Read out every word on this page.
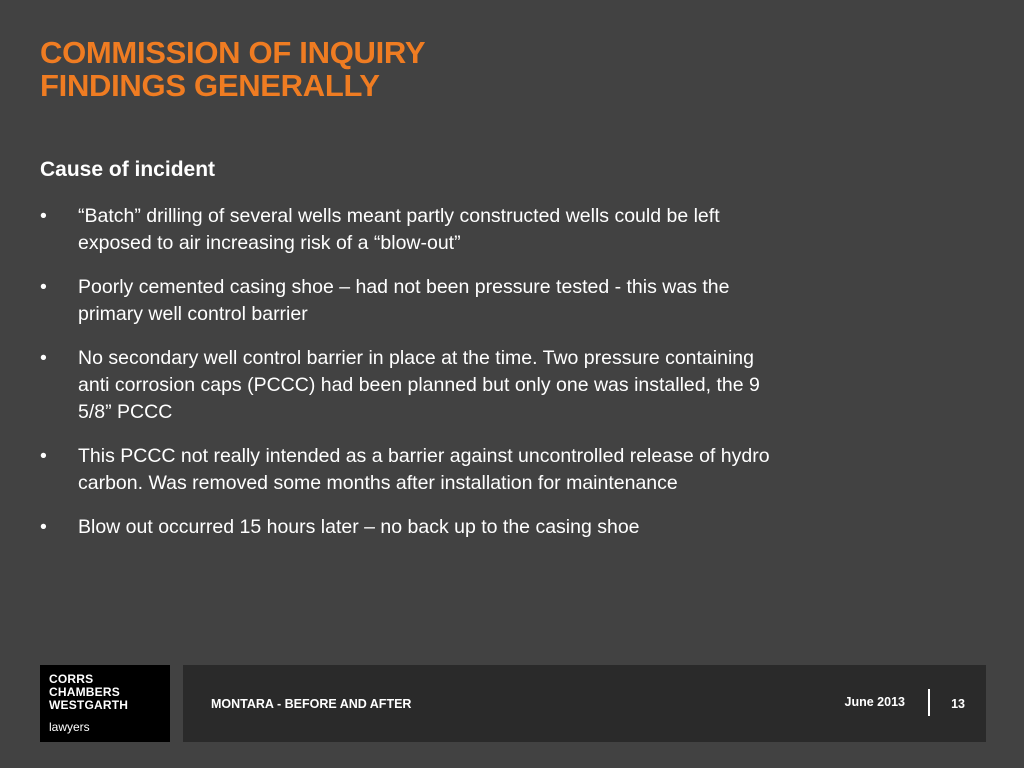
COMMISSION OF INQUIRY
FINDINGS GENERALLY
Cause of incident
• “Batch” drilling of several wells meant partly constructed wells could be left exposed to air increasing risk of a “blow-out”
• Poorly cemented casing shoe – had not been pressure tested - this was the primary well control barrier
• No secondary well control barrier in place at the time. Two pressure containing anti corrosion caps (PCCC) had been planned but only one was installed, the 9 5/8” PCCC
• This PCCC not really intended as a barrier against uncontrolled release of hydro carbon. Was removed some months after installation for maintenance
• Blow out occurred 15 hours later – no back up to the casing shoe
CORRS
CHAMBERS
WESTGARTH
lawyers
MONTARA - BEFORE AND AFTER	June 2013	13
